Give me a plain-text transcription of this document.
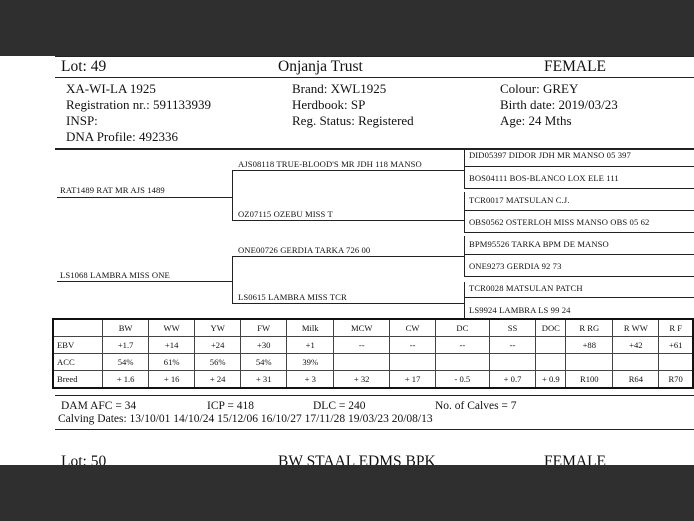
Lot: 49	Onjanja Trust	FEMALE
XA-WI-LA 1925
Registration nr.: 591133939
INSP:
DNA Profile: 492336
Brand: XWL1925
Herdbook: SP
Reg. Status: Registered
Colour: GREY
Birth date: 2019/03/23
Age: 24 Mths
RAT1489 RAT MR AJS 1489
LS1068 LAMBRA MISS ONE
AJS08118 TRUE-BLOOD'S MR JDH 118 MANSO
OZ07115 OZEBU MISS T
ONE00726 GERDIA TARKA 726 00
LS0615 LAMBRA MISS TCR
DID05397 DIDOR JDH MR MANSO 05 397
BOS04111 BOS-BLANCO LOX ELE 111
TCR0017 MATSULAN C.J.
OBS0562 OSTERLOH MISS MANSO OBS 05 62
BPM95526 TARKA BPM DE MANSO
ONE9273 GERDIA 92 73
TCR0028 MATSULAN PATCH
LS9924 LAMBRA LS 99 24
	BW	WW	YW	FW	Milk	MCW	CW	DC	SS	DOC	R RG	R WW	R F
EBV	+1.7	+14	+24	+30	+1	--	--	--	--		+88	+42	+61
ACC	54%	61%	56%	54%	39%								
Breed	+ 1.6	+ 16	+ 24	+ 31	+ 3	+ 32	+ 17	- 0.5	+ 0.7	+ 0.9	R100	R64	R70
DAM AFC = 34	ICP = 418	DLC = 240	No. of Calves = 7
Calving Dates: 13/10/01 14/10/24 15/12/06 16/10/27 17/11/28 19/03/23 20/08/13
Lot: 50	BW STAAL EDMS BPK	FEMALE
